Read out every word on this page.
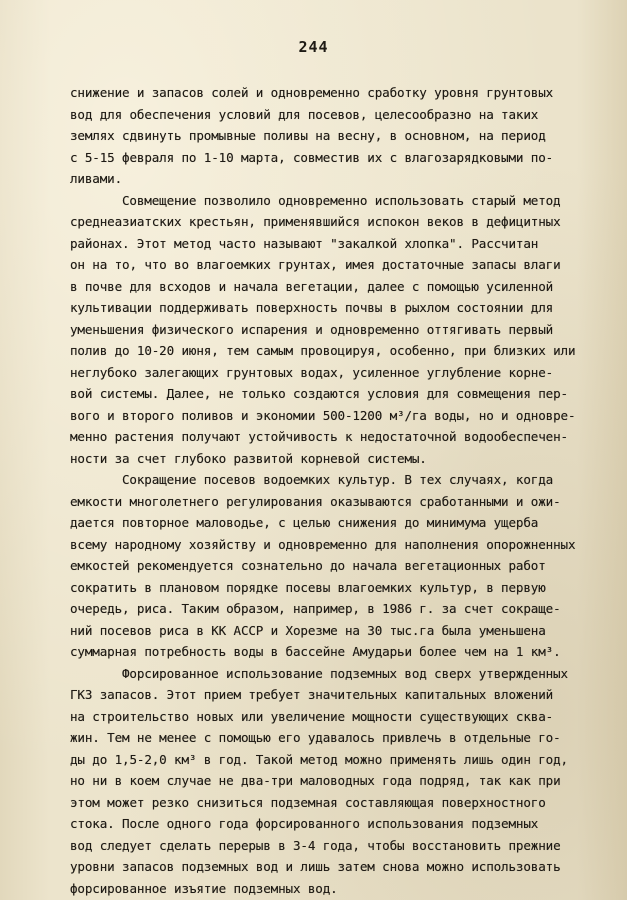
244
снижение и запасов солей и одновременно сработку уровня грунтовых
вод для обеспечения условий для посевов, целесообразно на таких
землях сдвинуть промывные поливы на весну, в основном, на период
с 5-15 февраля по 1-10 марта, совместив их с влагозарядковыми по-
ливами.
Совмещение позволило одновременно использовать старый метод
среднеазиатских крестьян, применявшийся испокон веков в дефицитных
районах. Этот метод часто называют "закалкой хлопка". Рассчитан
он на то, что во влагоемких грунтах, имея достаточные запасы влаги
в почве для всходов и начала вегетации, далее с помощью усиленной
культивации поддерживать поверхность почвы в рыхлом состоянии для
уменьшения физического испарения и одновременно оттягивать первый
полив до 10-20 июня, тем самым провоцируя, особенно, при близких или
неглубоко залегающих грунтовых водах, усиленное углубление корне-
вой системы. Далее, не только создаются условия для совмещения пер-
вого и второго поливов и экономии 500-1200 м³/га воды, но и одновре-
менно растения получают устойчивость к недостаточной водообеспечен-
ности за счет глубоко развитой корневой системы.
Сокращение посевов водоемких культур. В тех случаях, когда
емкости многолетнего регулирования оказываются сработанными и ожи-
дается повторное маловодье, с целью снижения до минимума ущерба
всему народному хозяйству и одновременно для наполнения опорожненных
емкостей рекомендуется сознательно до начала вегетационных работ
сократить в плановом порядке посевы влагоемких культур, в первую
очередь, риса. Таким образом, например, в 1986 г. за счет сокраще-
ний посевов риса в КК АССР и Хорезме на 30 тыс.га была уменьшена
суммарная потребность воды в бассейне Амударьи более чем на 1 км³.
Форсированное использование подземных вод сверх утвержденных
ГКЗ запасов. Этот прием требует значительных капитальных вложений
на строительство новых или увеличение мощности существующих сква-
жин. Тем не менее с помощью его удавалось привлечь в отдельные го-
ды до 1,5-2,0 км³ в год. Такой метод можно применять лишь один год,
но ни в коем случае не два-три маловодных года подряд, так как при
этом может резко снизиться подземная составляющая поверхностного
стока. После одного года форсированного использования подземных
вод следует сделать перерыв в 3-4 года, чтобы восстановить прежние
уровни запасов подземных вод и лишь затем снова можно использовать
форсированное изъятие подземных вод.
